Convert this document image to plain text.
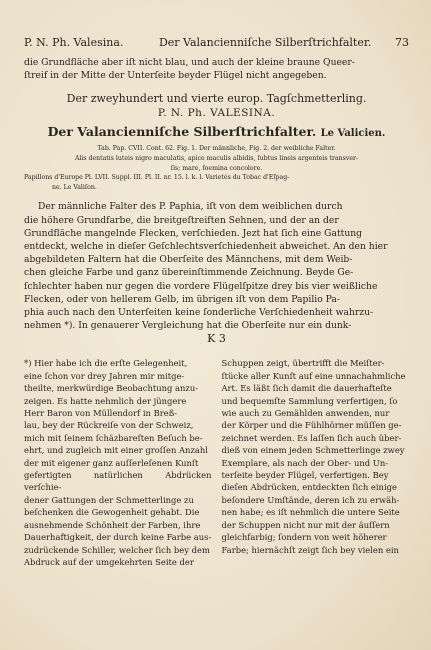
P. N. Ph. Valesina.	Der Valancienniſche Silberſtrichfalter.	73

die Grundfläche aber iſt nicht blau, und auch der kleine braune Queer-

ſtreif in der Mitte der Unterſeite beyder Flügel nicht angegeben.

Der zweyhundert und vierte europ. Tagſchmetterling.
P. N. Ph. VALESINA.
Der Valancienniſche Silberſtrichfalter. Le Valicien.

Tab. Pap. CVII. Cont. 62. Fig. 1. Der männliche, Fig. 2. der weibliche Falter.

Alis dentatis luteis nigro maculatis, apice maculis albidis, ſubtus lineis argenteis transver-

ſis; mare, foemina concolore.

Papillons d'Europe Pl. LVII. Suppl. III. Pl. II. nr. 15. l. k. l. Varietés du Tobac d'Eſpag-

ne. Le Valiſon.

Der männliche Falter des P. Paphia, iſt von dem weiblichen durch

die höhere Grundfarbe, die breitgeſtreiften Sehnen, und der an der

Grundfläche mangelnde Flecken, verſchieden. Jezt hat ſich eine Gattung

entdeckt, welche in dieſer Geſchlechtsverſchiedenheit abweichet. An den hier

abgebildeten Faltern hat die Oberſeite des Männchens, mit dem Weib-

chen gleiche Farbe und ganz übereinſtimmende Zeichnung. Beyde Ge-

ſchlechter haben nur gegen die vordere Flügelſpitze drey bis vier weißliche

Flecken, oder von hellerem Gelb, im übrigen iſt von dem Papilio Pa-

phia auch nach den Unterſeiten keine ſonderliche Verſchiedenheit wahrzu-

nehmen *). In genauerer Vergleichung hat die Oberſeite nur ein dunk-

K 3
*) Hier habe ich die erſte Gelegenheit,
eine ſchon vor drey Jahren mir mitge-
theilte, merkwürdige Beobachtung anzu-
zeigen. Es hatte nehmlich der jüngere
Herr Baron von Müllendorf in Breß-
lau, bey der Rückreiſe von der Schweiz,
mich mit ſeinem ſchäzbareſten Beſuch be-
ehrt, und zugleich mit einer groſſen Anzahl
der mit eigener ganz auſſerleſenen Kunſt
gefertigten natürlichen Abdrücken verſchie-
dener Gattungen der Schmetterlinge zu
beſchenken die Gewogenheit gehabt. Die
ausnehmende Schönheit der Farben, ihre
Dauerhaftigkeit, der durch keine Farbe aus-
zudrückende Schiller, welcher ſich bey dem
Abdruck auf der umgekehrten Seite der
Schuppen zeigt, übertrifft die Meiſter-
ſtücke aller Kunſt auf eine unnachahmliche
Art. Es läßt ſich damit die dauerhafteſte
und bequemſte Sammlung verfertigen, ſo
wie auch zu Gemählden anwenden, nur
der Körper und die Fühlhörner müſſen ge-
zeichnet werden. Es laſſen ſich auch über-
dieß von einem jeden Schmetterlinge zwey
Exemplare, als nach der Ober- und Un-
terſeite beyder Flügel, verfertigen. Bey
dieſen Abdrücken, entdeckten ſich einige
beſondere Umſtände, deren ich zu erwäh-
nen habe; es iſt nehmlich die untere Seite
der Schuppen nicht nur mit der äuſſern
gleichfarbig; ſondern von weit höherer
Farbe; hiernächſt zeigt ſich bey vielen ein
